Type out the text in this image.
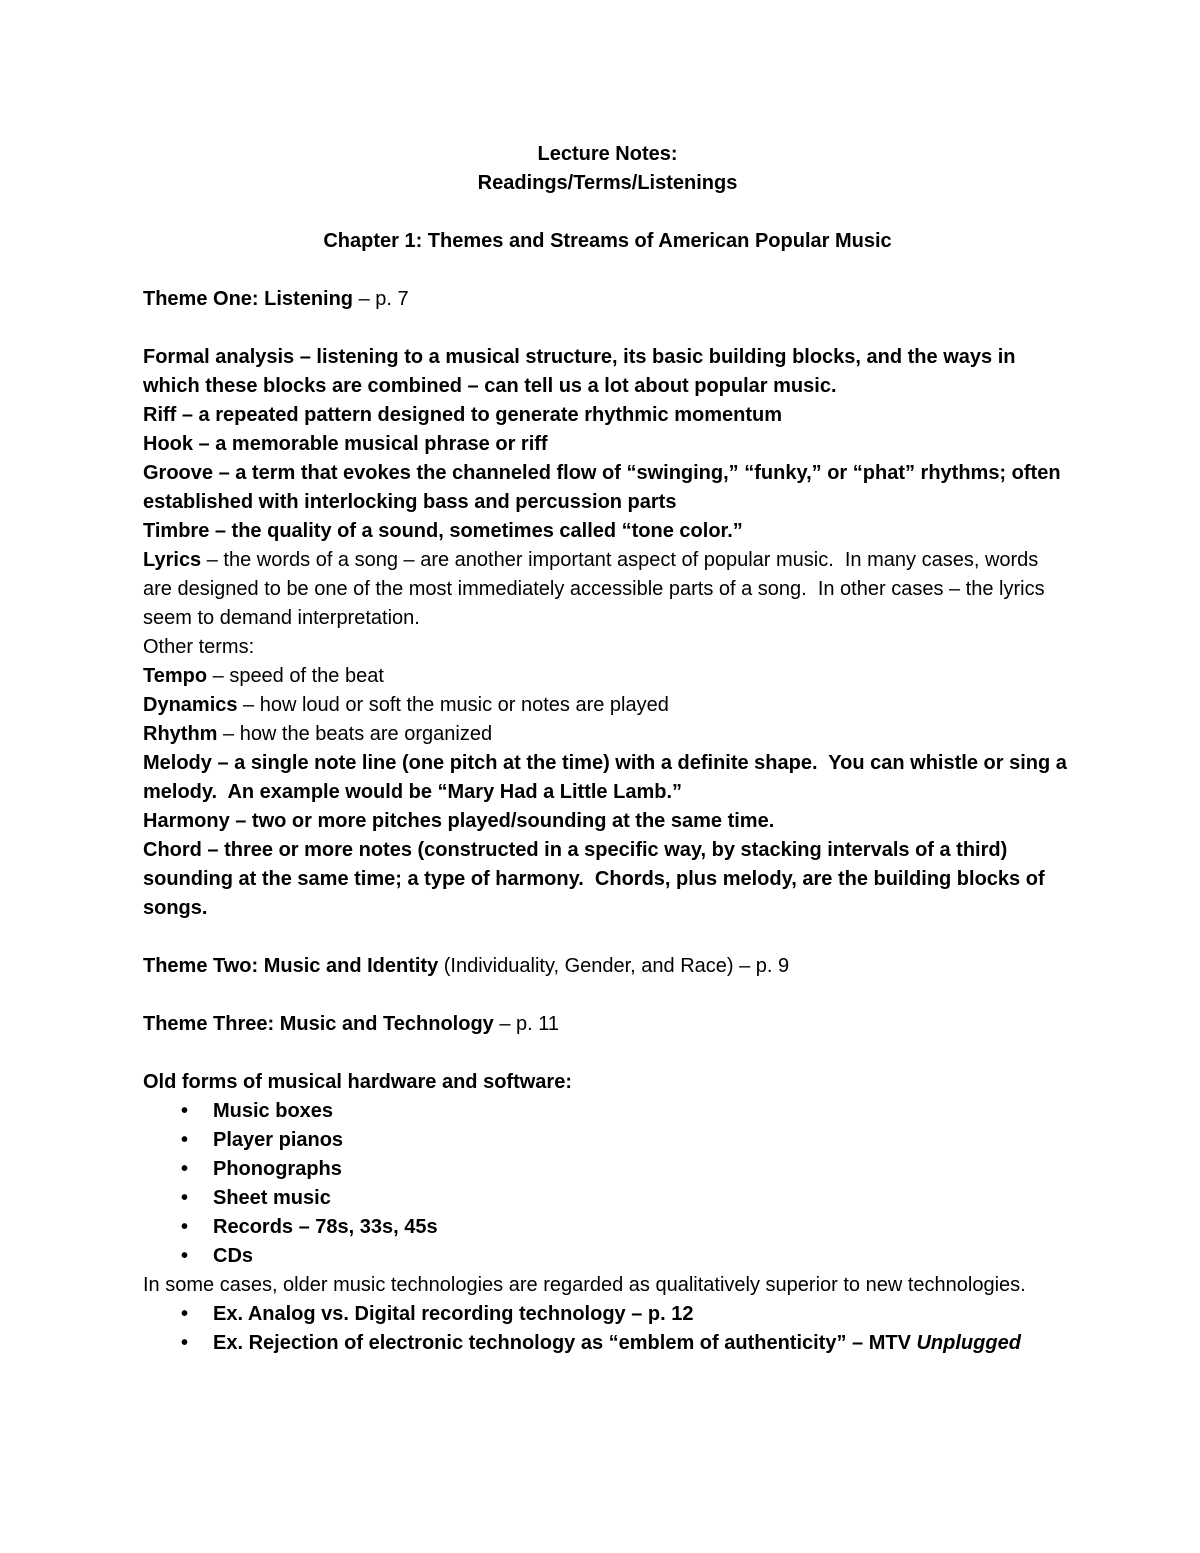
Lecture Notes:
Readings/Terms/Listenings
Chapter 1: Themes and Streams of American Popular Music
Theme One: Listening – p. 7
Formal analysis – listening to a musical structure, its basic building blocks, and the ways in which these blocks are combined – can tell us a lot about popular music.
Riff – a repeated pattern designed to generate rhythmic momentum
Hook – a memorable musical phrase or riff
Groove – a term that evokes the channeled flow of “swinging,” “funky,” or “phat” rhythms; often established with interlocking bass and percussion parts
Timbre – the quality of a sound, sometimes called “tone color.”
Lyrics – the words of a song – are another important aspect of popular music.  In many cases, words are designed to be one of the most immediately accessible parts of a song.  In other cases – the lyrics seem to demand interpretation.
Other terms:
Tempo – speed of the beat
Dynamics – how loud or soft the music or notes are played
Rhythm – how the beats are organized
Melody – a single note line (one pitch at the time) with a definite shape.  You can whistle or sing a melody.  An example would be “Mary Had a Little Lamb.”
Harmony – two or more pitches played/sounding at the same time.
Chord – three or more notes (constructed in a specific way, by stacking intervals of a third) sounding at the same time; a type of harmony.  Chords, plus melody, are the building blocks of songs.
Theme Two: Music and Identity (Individuality, Gender, and Race) – p. 9
Theme Three: Music and Technology – p. 11
Old forms of musical hardware and software:
• Music boxes
• Player pianos
• Phonographs
• Sheet music
• Records – 78s, 33s, 45s
• CDs
In some cases, older music technologies are regarded as qualitatively superior to new technologies.
• Ex. Analog vs. Digital recording technology – p. 12
• Ex. Rejection of electronic technology as “emblem of authenticity” – MTV Unplugged
